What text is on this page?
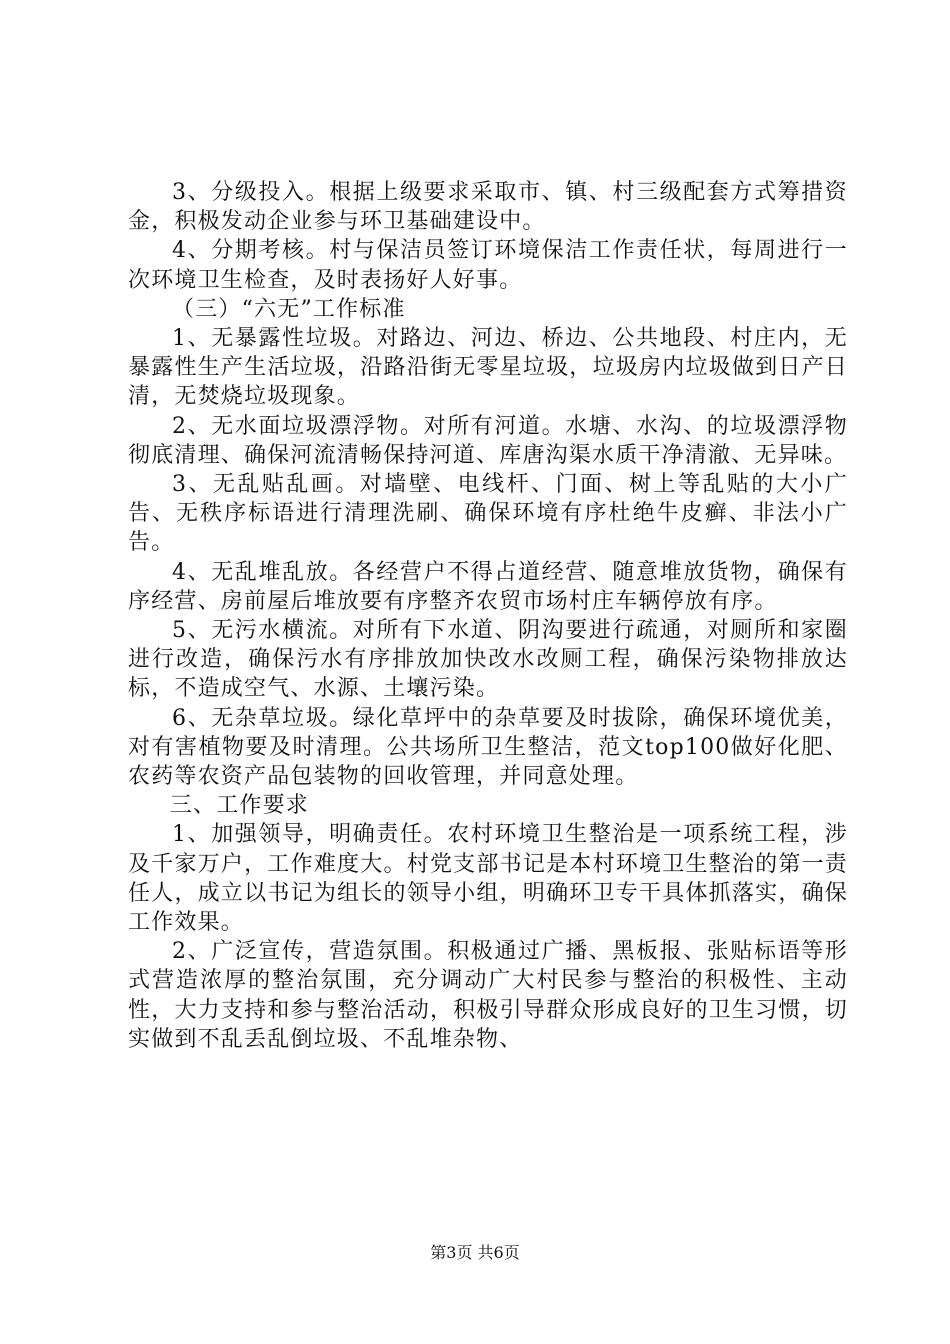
3、分级投入。根据上级要求采取市、镇、村三级配套方式筹措资金，积极发动企业参与环卫基础建设中。

4、分期考核。村与保洁员签订环境保洁工作责任状，每周进行一次环境卫生检查，及时表扬好人好事。

（三）“六无”工作标准

1、无暴露性垃圾。对路边、河边、桥边、公共地段、村庄内，无暴露性生产生活垃圾，沿路沿街无零星垃圾，垃圾房内垃圾做到日产日清，无焚烧垃圾现象。

2、无水面垃圾漂浮物。对所有河道。水塘、水沟、的垃圾漂浮物彻底清理、确保河流清畅保持河道、库唐沟渠水质干净清澈、无异味。

3、无乱贴乱画。对墙壁、电线杆、门面、树上等乱贴的大小广告、无秩序标语进行清理洗刷、确保环境有序杜绝牛皮癣、非法小广告。

4、无乱堆乱放。各经营户不得占道经营、随意堆放货物，确保有序经营、房前屋后堆放要有序整齐农贸市场村庄车辆停放有序。

5、无污水横流。对所有下水道、阴沟要进行疏通，对厕所和家圈进行改造，确保污水有序排放加快改水改厕工程，确保污染物排放达标，不造成空气、水源、土壤污染。

6、无杂草垃圾。绿化草坪中的杂草要及时拔除，确保环境优美，对有害植物要及时清理。公共场所卫生整洁，范文top100做好化肥、农药等农资产品包装物的回收管理，并同意处理。

三、工作要求

1、加强领导，明确责任。农村环境卫生整治是一项系统工程，涉及千家万户，工作难度大。村党支部书记是本村环境卫生整治的第一责任人，成立以书记为组长的领导小组，明确环卫专干具体抓落实，确保工作效果。

2、广泛宣传，营造氛围。积极通过广播、黑板报、张贴标语等形式营造浓厚的整治氛围，充分调动广大村民参与整治的积极性、主动性，大力支持和参与整治活动，积极引导群众形成良好的卫生习惯，切实做到不乱丢乱倒垃圾、不乱堆杂物、

第3页 共6页
